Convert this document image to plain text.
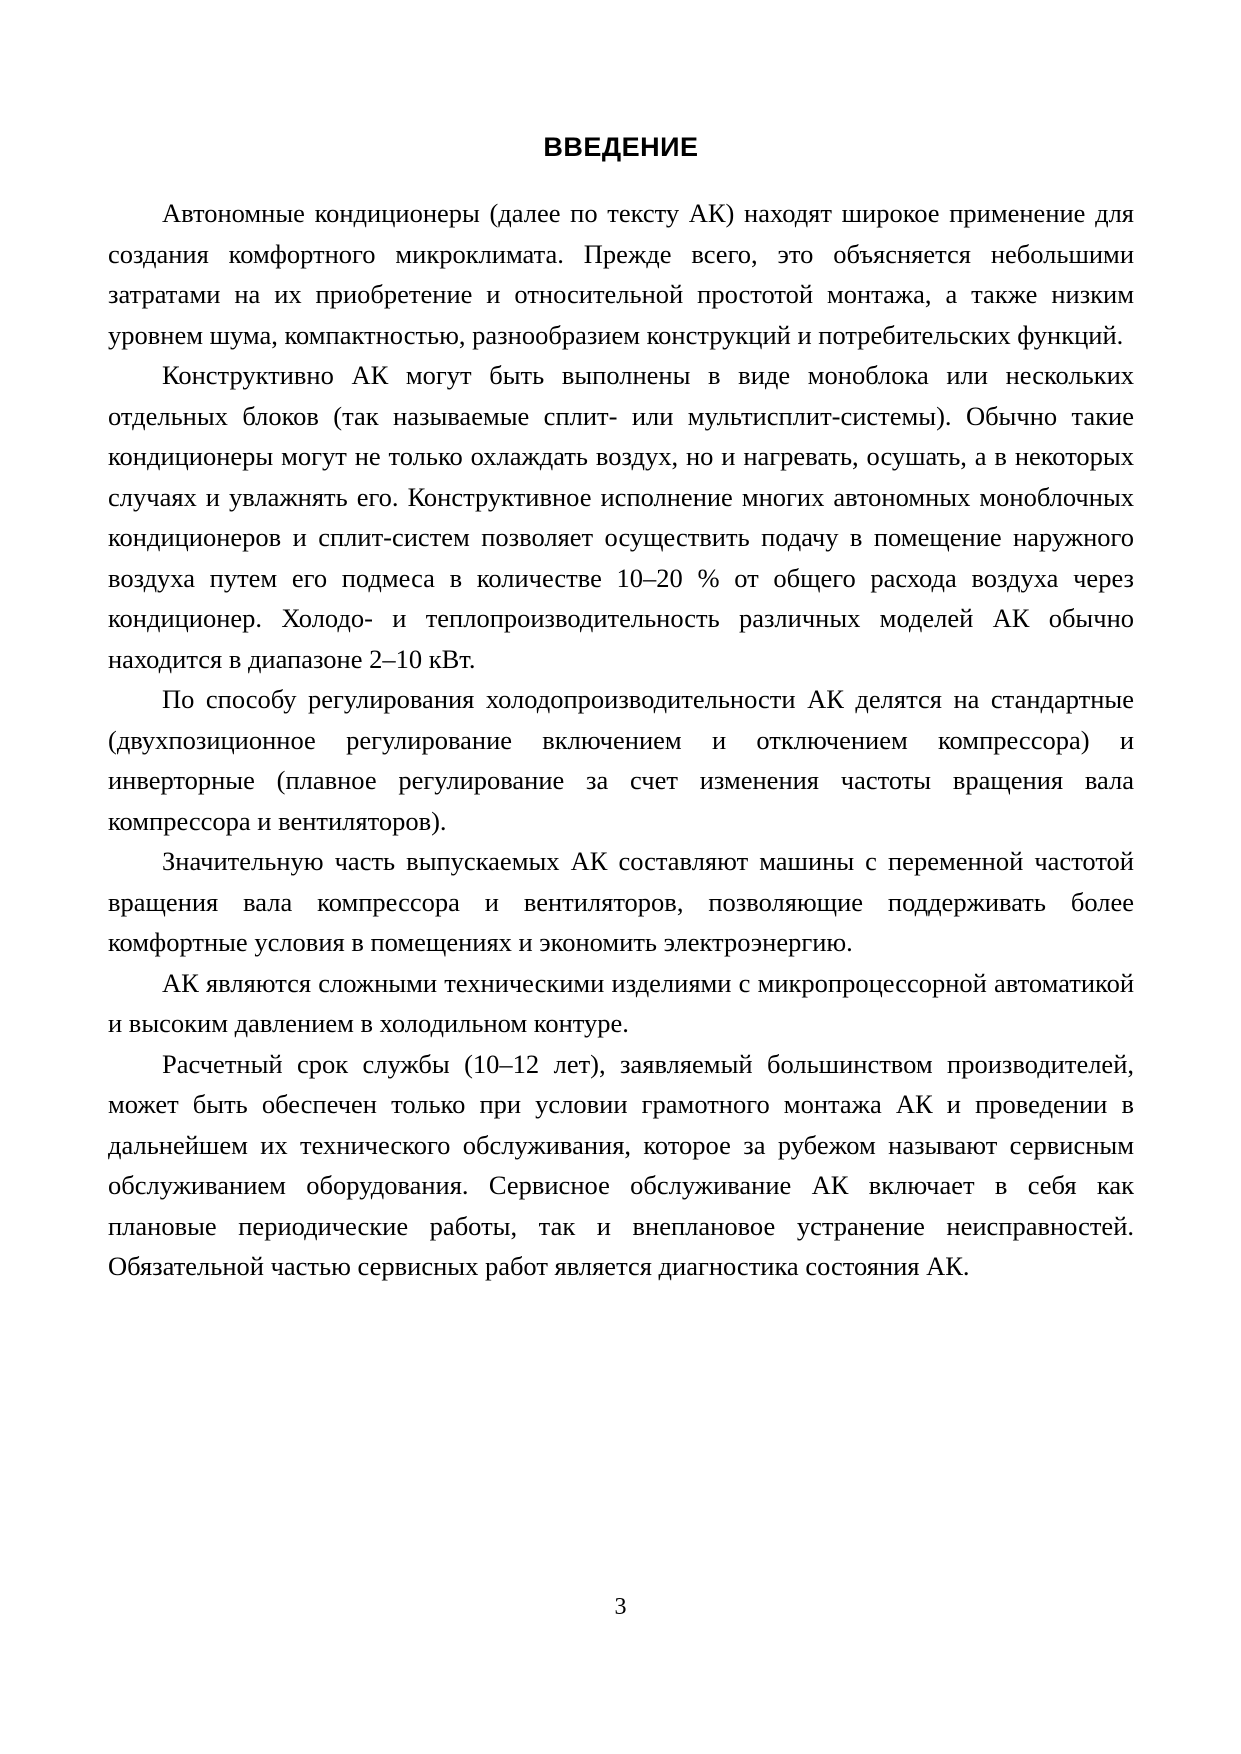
ВВЕДЕНИЕ

Автономные кондиционеры (далее по тексту АК) находят широкое применение для создания комфортного микроклимата. Прежде всего, это объясняется небольшими затратами на их приобретение и относительной простотой монтажа, а также низким уровнем шума, компактностью, разнообразием конструкций и потребительских функций.

Конструктивно АК могут быть выполнены в виде моноблока или нескольких отдельных блоков (так называемые сплит- или мультисплит-системы). Обычно такие кондиционеры могут не только охлаждать воздух, но и нагревать, осушать, а в некоторых случаях и увлажнять его. Конструктивное исполнение многих автономных моноблочных кондиционеров и сплит-систем позволяет осуществить подачу в помещение наружного воздуха путем его подмеса в количестве 10–20 % от общего расхода воздуха через кондиционер. Холодо- и теплопроизводительность различных моделей АК обычно находится в диапазоне 2–10 кВт.

По способу регулирования холодопроизводительности АК делятся на стандартные (двухпозиционное регулирование включением и отключением компрессора) и инверторные (плавное регулирование за счет изменения частоты вращения вала компрессора и вентиляторов).

Значительную часть выпускаемых АК составляют машины с переменной частотой вращения вала компрессора и вентиляторов, позволяющие поддерживать более комфортные условия в помещениях и экономить электроэнергию.

АК являются сложными техническими изделиями с микропроцессорной автоматикой и высоким давлением в холодильном контуре.

Расчетный срок службы (10–12 лет), заявляемый большинством производителей, может быть обеспечен только при условии грамотного монтажа АК и проведении в дальнейшем их технического обслуживания, которое за рубежом называют сервисным обслуживанием оборудования. Сервисное обслуживание АК включает в себя как плановые периодические работы, так и внеплановое устранение неисправностей. Обязательной частью сервисных работ является диагностика состояния АК.

3
